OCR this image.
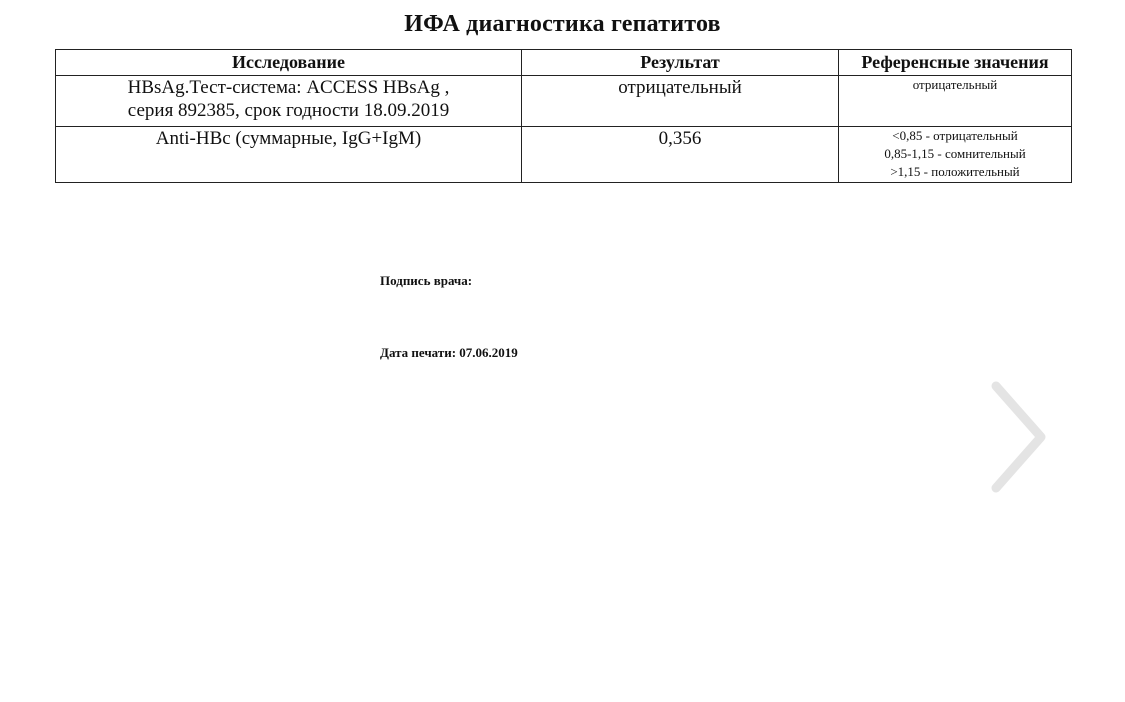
ИФА диагностика гепатитов
Исследование	Результат	Референсные значения

HBsAg.Тест-система: ACCESS HBsAg ,
серия 892385, срок годности 18.09.2019	отрицательный	отрицательный

Anti-HBc (суммарные, IgG+IgM)	0,356	<0,85 - отрицательный
0,85-1,15 - сомнительный
>1,15 - положительный
Подпись врача:
Дата печати: 07.06.2019
